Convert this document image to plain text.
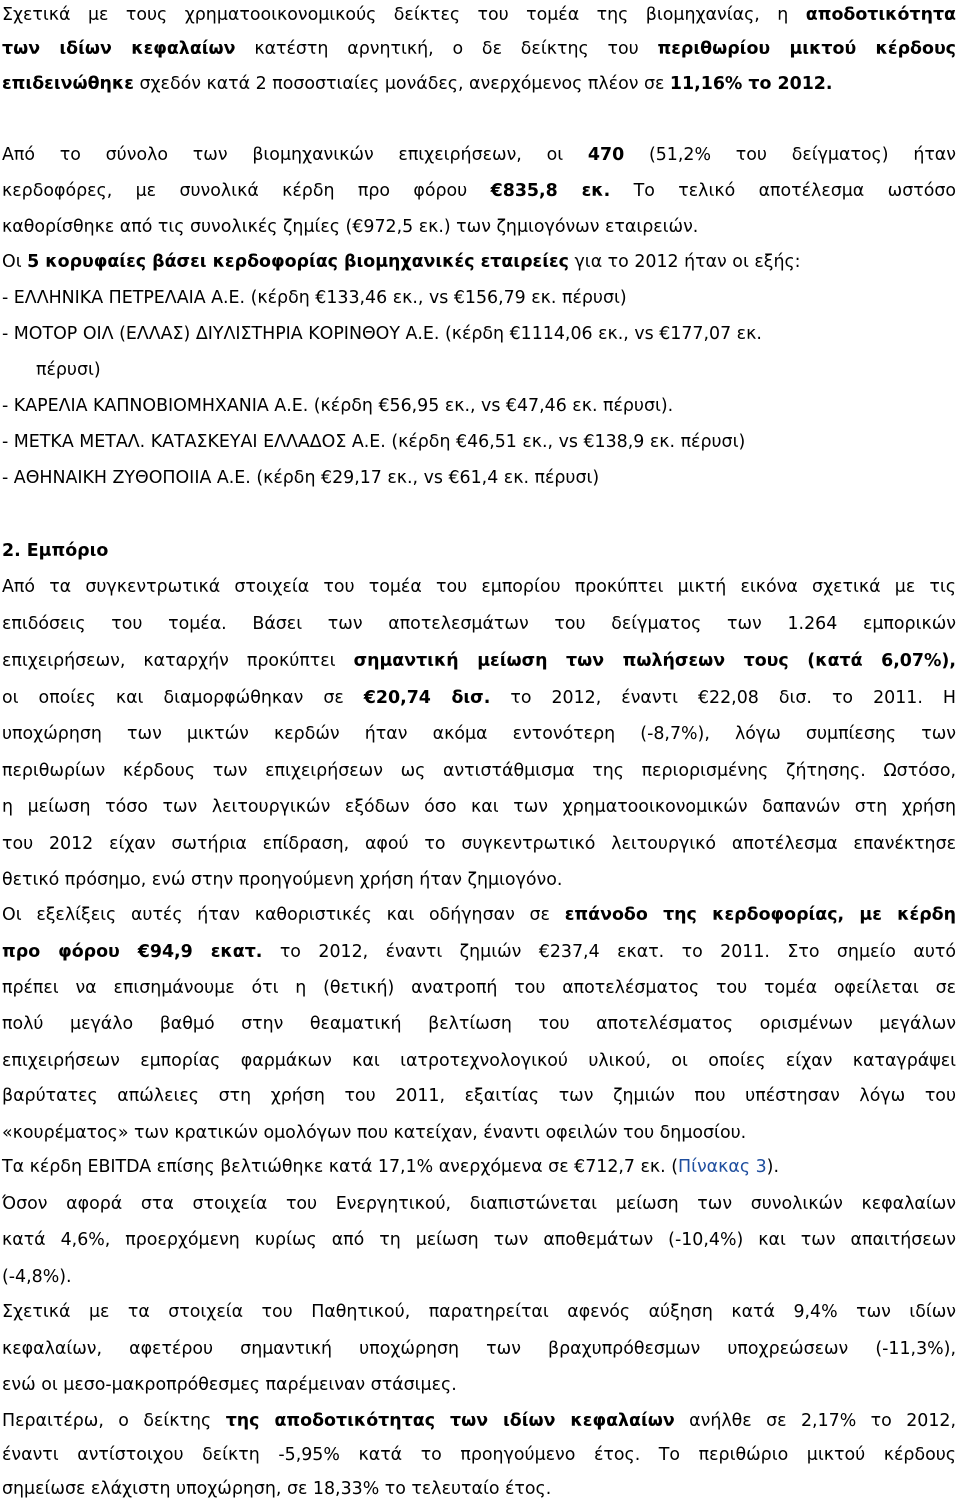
Σχετικά με τους χρηματοοικονομικούς δείκτες του τομέα της βιομηχανίας, η αποδοτικότητα
των ιδίων κεφαλαίων κατέστη αρνητική, ο δε δείκτης του περιθωρίου μικτού κέρδους
επιδεινώθηκε σχεδόν κατά 2 ποσοστιαίες μονάδες, ανερχόμενος πλέον σε 11,16% το 2012.
Από το σύνολο των βιομηχανικών επιχειρήσεων, οι 470 (51,2% του δείγματος) ήταν
κερδοφόρες, με συνολικά κέρδη προ φόρου €835,8 εκ. Το τελικό αποτέλεσμα ωστόσο
καθορίσθηκε από τις συνολικές ζημίες (€972,5 εκ.) των ζημιογόνων εταιρειών.
Οι 5 κορυφαίες βάσει κερδοφορίας βιομηχανικές εταιρείες για το 2012 ήταν οι εξής:
- ΕΛΛΗΝΙΚΑ ΠΕΤΡΕΛΑΙΑ Α.Ε. (κέρδη €133,46 εκ., vs €156,79 εκ. πέρυσι)
- ΜΟΤΟΡ ΟΙΛ (ΕΛΛΑΣ) ΔΙΥΛΙΣΤΗΡΙΑ ΚΟΡΙΝΘΟΥ Α.Ε. (κέρδη €1114,06 εκ., vs €177,07 εκ.
πέρυσι)
- ΚΑΡΕΛΙΑ ΚΑΠΝΟΒΙΟΜΗΧΑΝΙΑ Α.Ε. (κέρδη €56,95 εκ., vs €47,46 εκ. πέρυσι).
- ΜΕΤΚΑ ΜΕΤΑΛ. ΚΑΤΑΣΚΕΥΑΙ ΕΛΛΑΔΟΣ Α.Ε. (κέρδη €46,51 εκ., vs €138,9 εκ. πέρυσι)
- ΑΘΗΝΑΙΚΗ ΖΥΘΟΠΟΙΙΑ Α.Ε. (κέρδη €29,17 εκ., vs €61,4 εκ. πέρυσι)
2. Εμπόριο
Από τα συγκεντρωτικά στοιχεία του τομέα του εμπορίου προκύπτει μικτή εικόνα σχετικά με τις
επιδόσεις του τομέα. Βάσει των αποτελεσμάτων του δείγματος των 1.264 εμπορικών
επιχειρήσεων, καταρχήν προκύπτει σημαντική μείωση των πωλήσεων τους (κατά 6,07%),
οι οποίες και διαμορφώθηκαν σε €20,74 δισ. το 2012, έναντι €22,08 δισ. το 2011. Η
υποχώρηση των μικτών κερδών ήταν ακόμα εντονότερη (-8,7%), λόγω συμπίεσης των
περιθωρίων κέρδους των επιχειρήσεων ως αντιστάθμισμα της περιορισμένης ζήτησης. Ωστόσο,
η μείωση τόσο των λειτουργικών εξόδων όσο και των χρηματοοικονομικών δαπανών στη χρήση
του 2012 είχαν σωτήρια επίδραση, αφού το συγκεντρωτικό λειτουργικό αποτέλεσμα επανέκτησε
θετικό πρόσημο, ενώ στην προηγούμενη χρήση ήταν ζημιογόνο.
Οι εξελίξεις αυτές ήταν καθοριστικές και οδήγησαν σε επάνοδο της κερδοφορίας, με κέρδη
προ φόρου €94,9 εκατ. το 2012, έναντι ζημιών €237,4 εκατ. το 2011. Στο σημείο αυτό
πρέπει να επισημάνουμε ότι η (θετική) ανατροπή του αποτελέσματος του τομέα οφείλεται σε
πολύ μεγάλο βαθμό στην θεαματική βελτίωση του αποτελέσματος ορισμένων μεγάλων
επιχειρήσεων εμπορίας φαρμάκων και ιατροτεχνολογικού υλικού, οι οποίες είχαν καταγράψει
βαρύτατες απώλειες στη χρήση του 2011, εξαιτίας των ζημιών που υπέστησαν λόγω του
«κουρέματος» των κρατικών ομολόγων που κατείχαν, έναντι οφειλών του δημοσίου.
Τα κέρδη EBITDA επίσης βελτιώθηκε κατά 17,1% ανερχόμενα σε €712,7 εκ. (Πίνακας 3).
Όσον αφορά στα στοιχεία του Ενεργητικού, διαπιστώνεται μείωση των συνολικών κεφαλαίων
κατά 4,6%, προερχόμενη κυρίως από τη μείωση των αποθεμάτων (-10,4%) και των απαιτήσεων
(-4,8%).
Σχετικά με τα στοιχεία του Παθητικού, παρατηρείται αφενός αύξηση κατά 9,4% των ιδίων
κεφαλαίων, αφετέρου σημαντική υποχώρηση των βραχυπρόθεσμων υποχρεώσεων (-11,3%),
ενώ οι μεσο-μακροπρόθεσμες παρέμειναν στάσιμες.
Περαιτέρω, ο δείκτης της αποδοτικότητας των ιδίων κεφαλαίων ανήλθε σε 2,17% το 2012,
έναντι αντίστοιχου δείκτη -5,95% κατά το προηγούμενο έτος. Το περιθώριο μικτού κέρδους
σημείωσε ελάχιστη υποχώρηση, σε 18,33% το τελευταίο έτος.
